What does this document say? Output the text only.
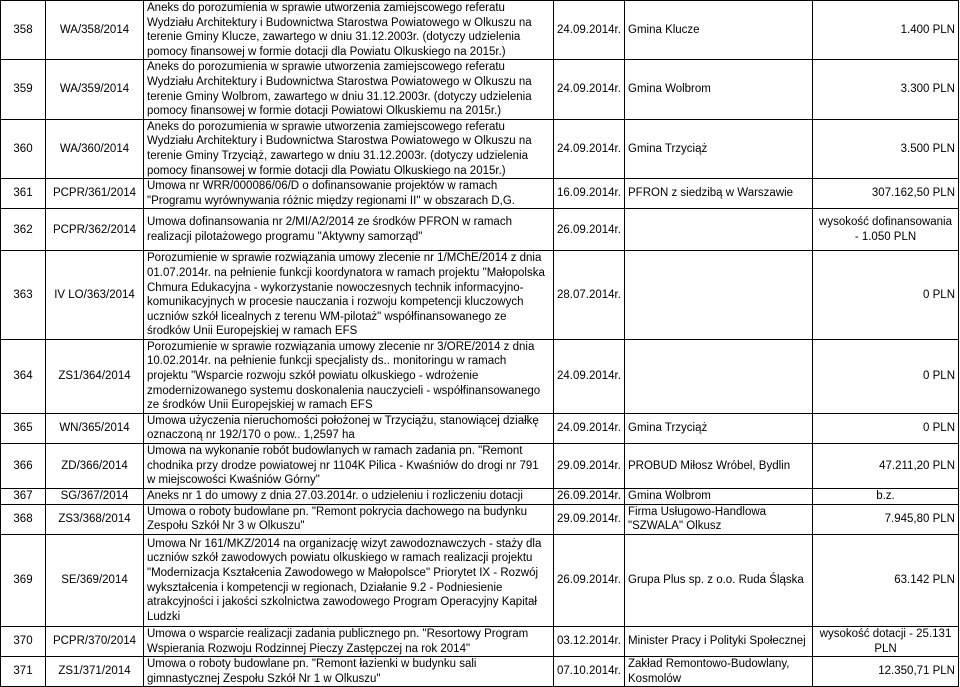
358	WA/358/2014	Aneks do porozumienia w sprawie utworzenia zamiejscowego referatu Wydziału Architektury i Budownictwa Starostwa Powiatowego w Olkuszu na terenie Gminy Klucze, zawartego w dniu 31.12.2003r. (dotyczy udzielenia pomocy finansowej w formie dotacji dla Powiatu Olkuskiego na 2015r.)	24.09.2014r.	Gmina Klucze	1.400 PLN
359	WA/359/2014	Aneks do porozumienia w sprawie utworzenia zamiejscowego referatu Wydziału Architektury i Budownictwa Starostwa Powiatowego w Olkuszu na terenie Gminy Wolbrom, zawartego w dniu 31.12.2003r. (dotyczy udzielenia pomocy finansowej w formie dotacji Powiatowi Olkuskiemu na 2015r.)	24.09.2014r.	Gmina Wolbrom	3.300 PLN
360	WA/360/2014	Aneks do porozumienia w sprawie utworzenia zamiejscowego referatu Wydziału Architektury i Budownictwa Starostwa Powiatowego w Olkuszu na terenie Gminy Trzyciąż, zawartego w dniu 31.12.2003r. (dotyczy udzielenia pomocy finansowej w formie dotacji dla Powiatu Olkuskiego na 2015r.)	24.09.2014r.	Gmina Trzyciąż	3.500 PLN
361	PCPR/361/2014	Umowa nr WRR/000086/06/D o dofinansowanie projektów w ramach "Programu wyrównywania różnic między regionami II" w obszarach D,G.	16.09.2014r.	PFRON z siedzibą w Warszawie	307.162,50 PLN
362	PCPR/362/2014	Umowa dofinansowania nr 2/MI/A2/2014 ze środków PFRON w ramach realizacji pilotażowego programu "Aktywny samorząd"	26.09.2014r.		wysokość dofinansowania - 1.050 PLN
363	IV LO/363/2014	Porozumienie w sprawie rozwiązania umowy zlecenie nr 1/MChE/2014 z dnia 01.07.2014r. na pełnienie funkcji koordynatora w ramach projektu "Małopolska Chmura Edukacyjna - wykorzystanie nowoczesnych technik informacyjno-komunikacyjnych w procesie nauczania i rozwoju kompetencji kluczowych uczniów szkół licealnych z terenu WM-pilotaż" współfinansowanego ze środków Unii Europejskiej w ramach EFS	28.07.2014r.		0 PLN
364	ZS1/364/2014	Porozumienie w sprawie rozwiązania umowy zlecenie nr 3/ORE/2014 z dnia 10.02.2014r. na pełnienie funkcji specjalisty ds.. monitoringu w ramach projektu "Wsparcie rozwoju szkół powiatu olkuskiego - wdrożenie zmodernizowanego systemu doskonalenia nauczycieli - współfinansowanego ze środków Unii Europejskiej w ramach EFS	24.09.2014r.		0 PLN
365	WN/365/2014	Umowa użyczenia nieruchomości położonej w Trzyciążu, stanowiącej działkę oznaczoną nr 192/170 o pow.. 1,2597 ha	24.09.2014r.	Gmina Trzyciąż	0 PLN
366	ZD/366/2014	Umowa na wykonanie robót budowlanych w ramach zadania pn. "Remont chodnika przy drodze powiatowej nr 1104K Pilica - Kwaśniów do drogi nr 791 w miejscowości Kwaśniów Górny"	29.09.2014r.	PROBUD Miłosz Wróbel, Bydlin	47.211,20 PLN
367	SG/367/2014	Aneks nr 1 do umowy z dnia 27.03.2014r. o udzieleniu i rozliczeniu dotacji	26.09.2014r.	Gmina Wolbrom	b.z.
368	ZS3/368/2014	Umowa o roboty budowlane pn. "Remont pokrycia dachowego na budynku Zespołu Szkół Nr 3 w Olkuszu"	29.09.2014r.	Firma Usługowo-Handlowa "SZWALA" Olkusz	7.945,80 PLN
369	SE/369/2014	Umowa Nr 161/MKZ/2014 na organizację wizyt zawodoznawczych - staży dla uczniów szkół zawodowych powiatu olkuskiego w ramach realizacji projektu "Modernizacja Kształcenia Zawodowego w Małopolsce" Priorytet IX - Rozwój wykształcenia i kompetencji w regionach, Działanie 9.2 - Podniesienie atrakcyjności i jakości szkolnictwa zawodowego Program Operacyjny Kapitał Ludzki	26.09.2014r.	Grupa Plus sp. z o.o. Ruda Śląska	63.142 PLN
370	PCPR/370/2014	Umowa o wsparcie realizacji zadania publicznego pn. "Resortowy Program Wspierania Rozwoju Rodzinnej Pieczy Zastępczej na rok 2014"	03.12.2014r.	Minister Pracy i Polityki Społecznej	wysokość dotacji - 25.131 PLN
371	ZS1/371/2014	Umowa o roboty budowlane pn. "Remont łazienki w budynku sali gimnastycznej Zespołu Szkół Nr 1 w Olkuszu"	07.10.2014r.	Zakład Remontowo-Budowlany, Kosmolów	12.350,71 PLN
